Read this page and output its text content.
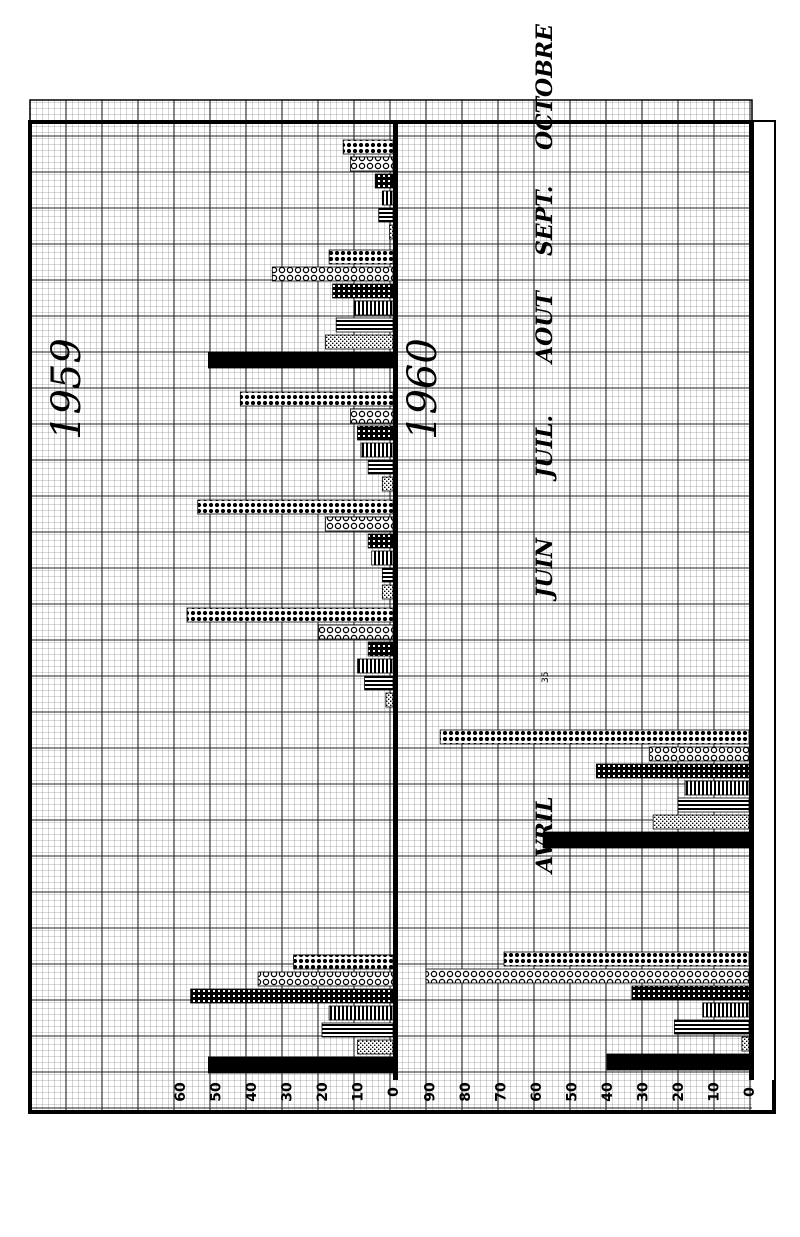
0
10
20
30
40
50
60	0
10
20
30
40
50
60
70
80
90
1959	1960
AVRIL
35
JUIN
JUIL.
AOUT
SEPT.
OCTOBRE
